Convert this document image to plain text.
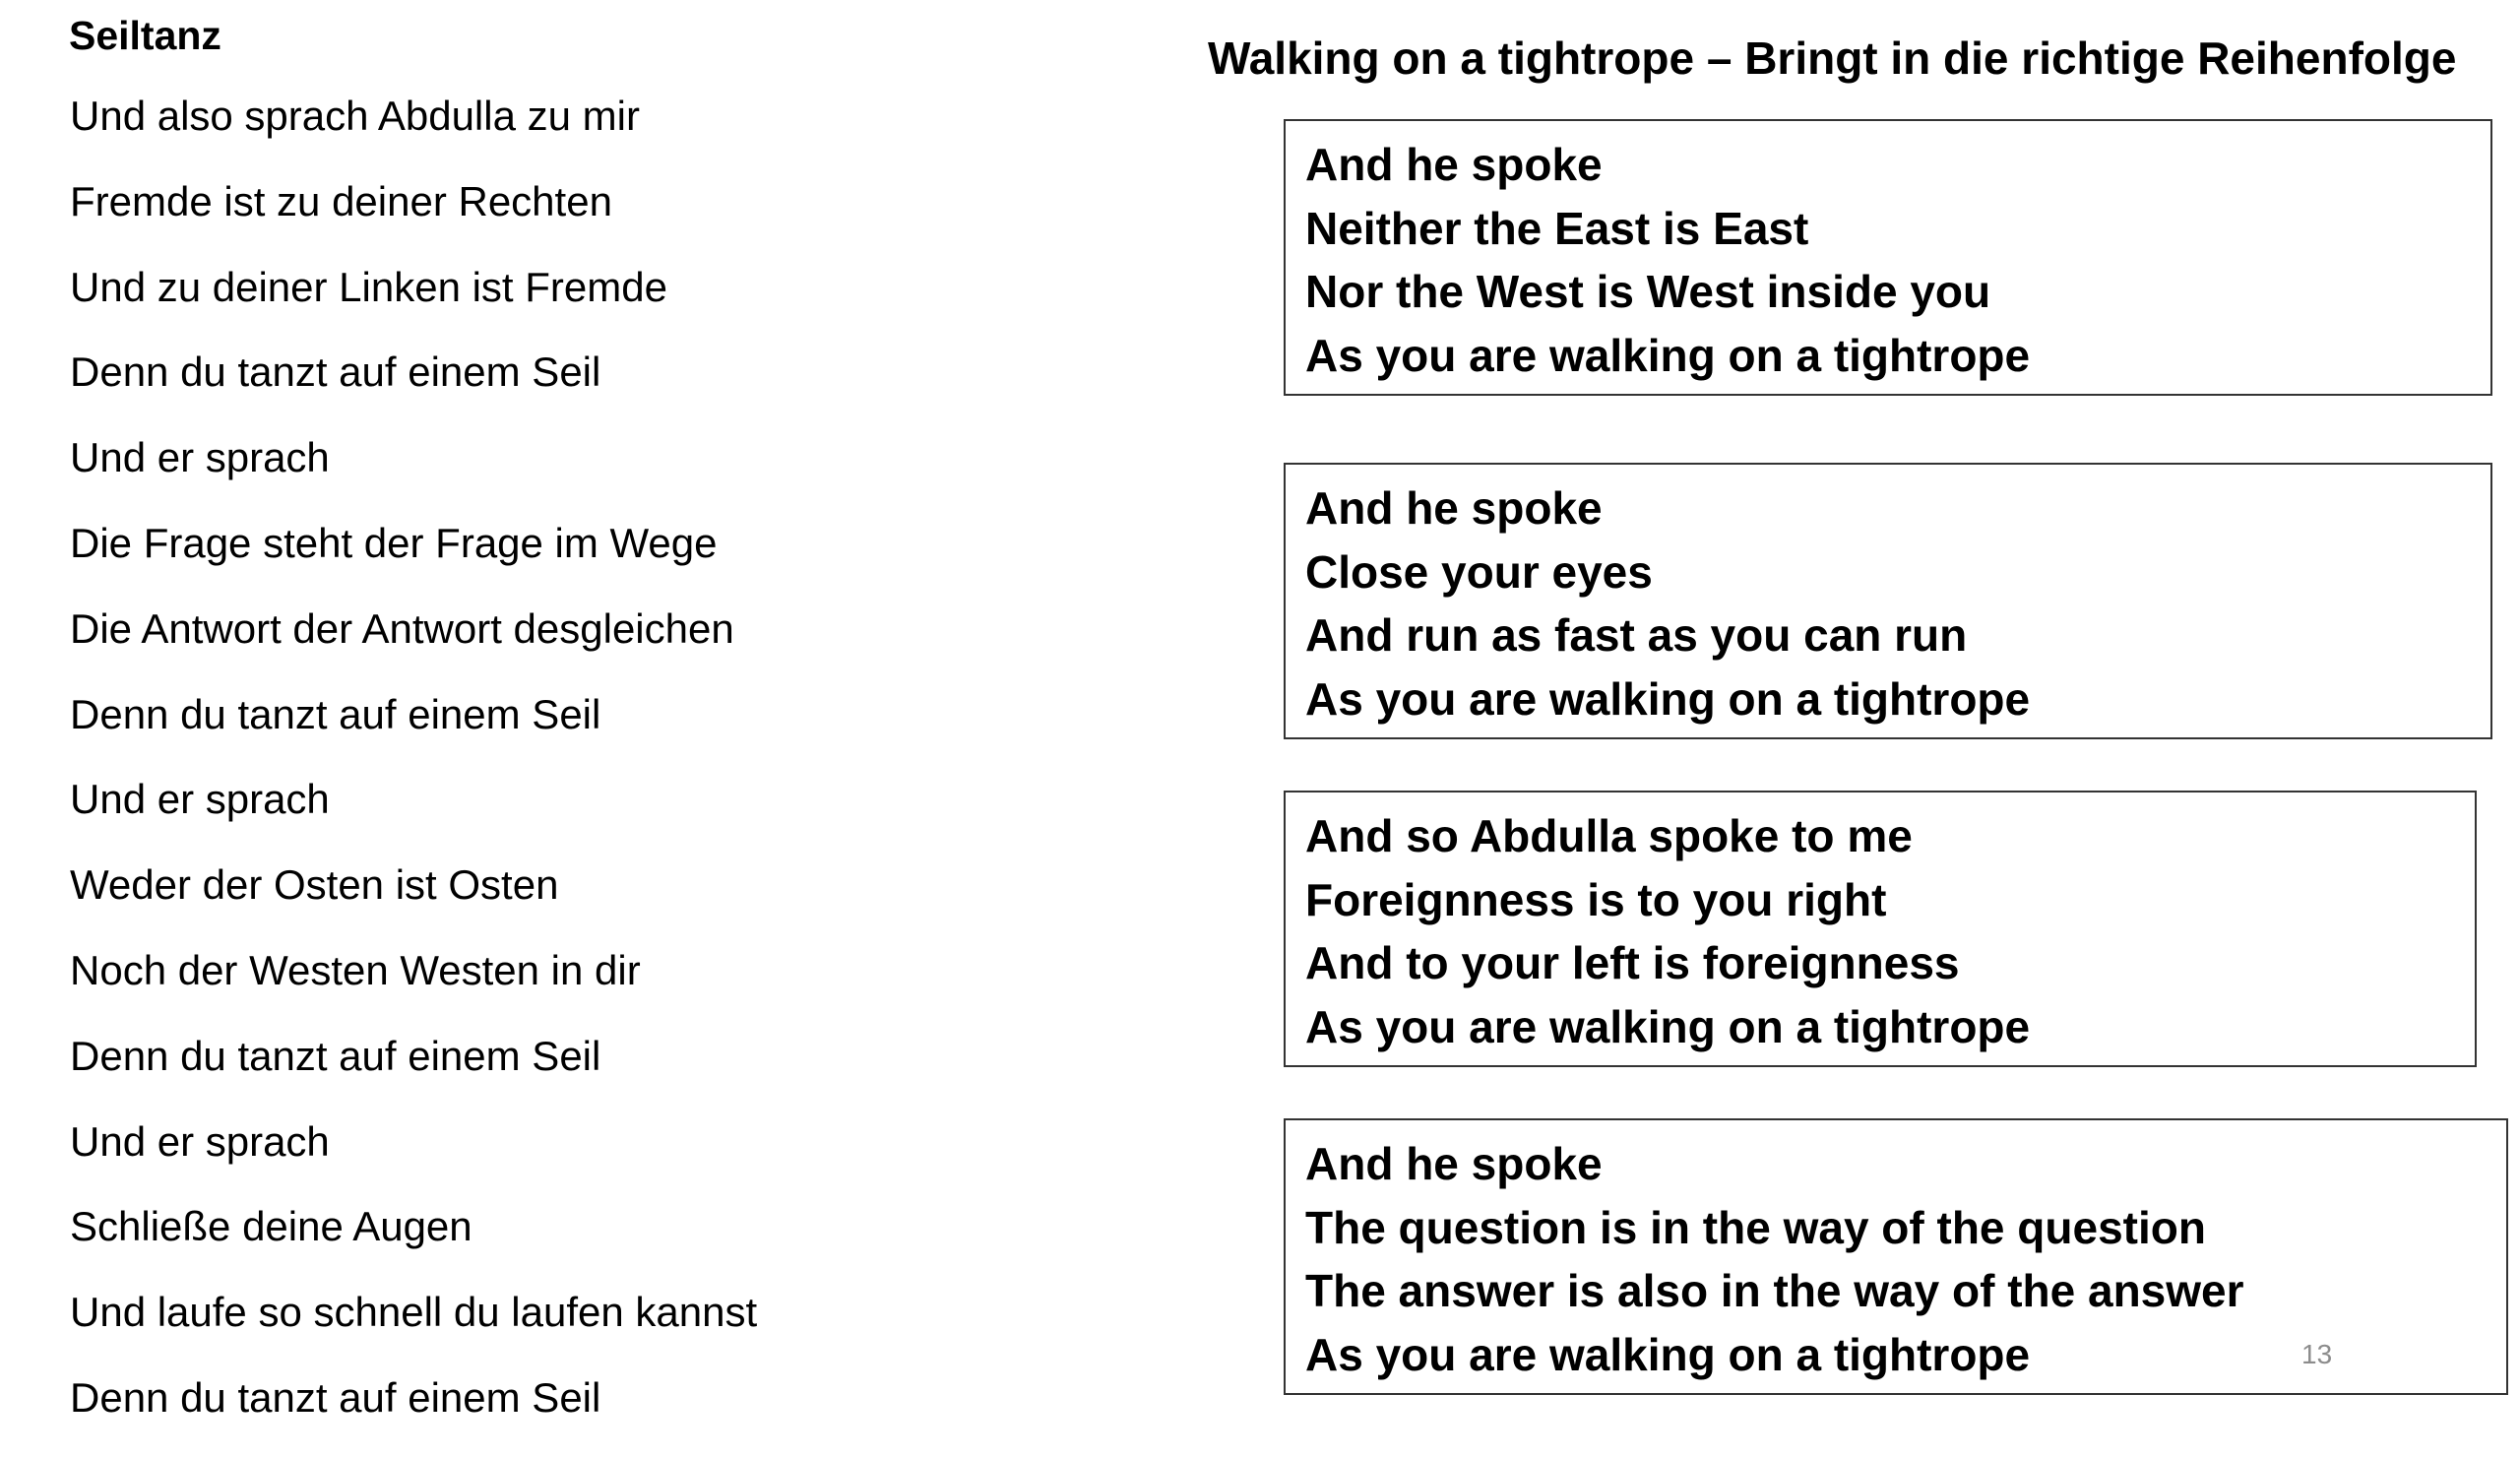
Seiltanz
Und also sprach Abdulla zu mir
Fremde ist zu deiner Rechten
Und zu deiner Linken ist Fremde
Denn du tanzt auf einem Seil
Und er sprach
Die Frage steht der Frage im Wege
Die Antwort der Antwort desgleichen
Denn du tanzt auf einem Seil
Und er sprach
Weder der Osten ist Osten
Noch der Westen Westen in dir
Denn du tanzt auf einem Seil
Und er sprach
Schließe deine Augen
Und laufe so schnell du laufen kannst
Denn du tanzt auf einem Seil
Walking on a tightrope – Bringt in die richtige Reihenfolge
And he spoke
Neither the East is East
Nor the West is West inside you
As you are walking on a tightrope
And he spoke
Close your eyes
And run as fast as you can run
As you are walking on a tightrope
And so Abdulla spoke to me
Foreignness is to you right
And to your left is foreignness
As you are walking on a tightrope
And he spoke
The question is in the way of the question
The answer is also in the way of the answer
As you are walking on a tightrope	13
